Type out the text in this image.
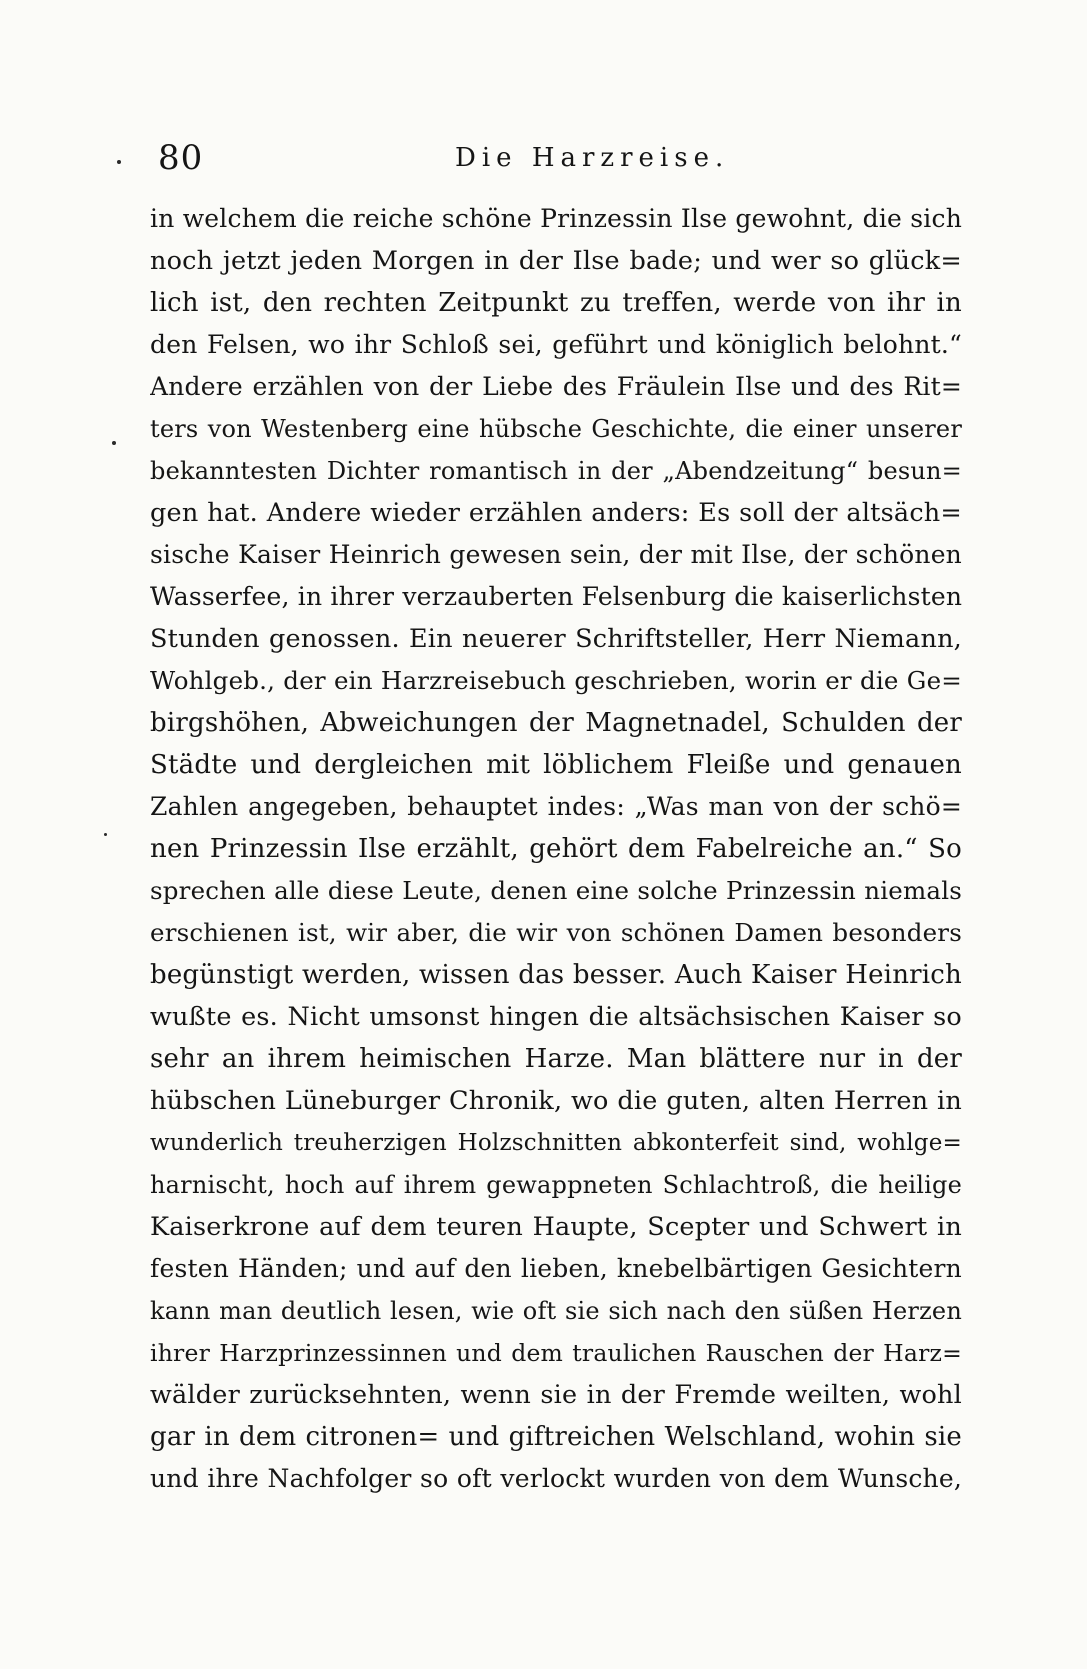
80	Die Harzreise.
in welchem die reiche schöne Prinzessin Ilse gewohnt, die sich
noch jetzt jeden Morgen in der Ilse bade; und wer so glück=
lich ist, den rechten Zeitpunkt zu treffen, werde von ihr in
den Felsen, wo ihr Schloß sei, geführt und königlich belohnt.“
Andere erzählen von der Liebe des Fräulein Ilse und des Rit=
ters von Westenberg eine hübsche Geschichte, die einer unserer
bekanntesten Dichter romantisch in der „Abendzeitung“ besun=
gen hat. Andere wieder erzählen anders: Es soll der altsäch=
sische Kaiser Heinrich gewesen sein, der mit Ilse, der schönen
Wasserfee, in ihrer verzauberten Felsenburg die kaiserlichsten
Stunden genossen. Ein neuerer Schriftsteller, Herr Niemann,
Wohlgeb., der ein Harzreisebuch geschrieben, worin er die Ge=
birgshöhen, Abweichungen der Magnetnadel, Schulden der
Städte und dergleichen mit löblichem Fleiße und genauen
Zahlen angegeben, behauptet indes: „Was man von der schö=
nen Prinzessin Ilse erzählt, gehört dem Fabelreiche an.“ So
sprechen alle diese Leute, denen eine solche Prinzessin niemals
erschienen ist, wir aber, die wir von schönen Damen besonders
begünstigt werden, wissen das besser. Auch Kaiser Heinrich
wußte es. Nicht umsonst hingen die altsächsischen Kaiser so
sehr an ihrem heimischen Harze. Man blättere nur in der
hübschen Lüneburger Chronik, wo die guten, alten Herren in
wunderlich treuherzigen Holzschnitten abkonterfeit sind, wohlge=
harnischt, hoch auf ihrem gewappneten Schlachtroß, die heilige
Kaiserkrone auf dem teuren Haupte, Scepter und Schwert in
festen Händen; und auf den lieben, knebelbärtigen Gesichtern
kann man deutlich lesen, wie oft sie sich nach den süßen Herzen
ihrer Harzprinzessinnen und dem traulichen Rauschen der Harz=
wälder zurücksehnten, wenn sie in der Fremde weilten, wohl
gar in dem citronen= und giftreichen Welschland, wohin sie
und ihre Nachfolger so oft verlockt wurden von dem Wunsche,
